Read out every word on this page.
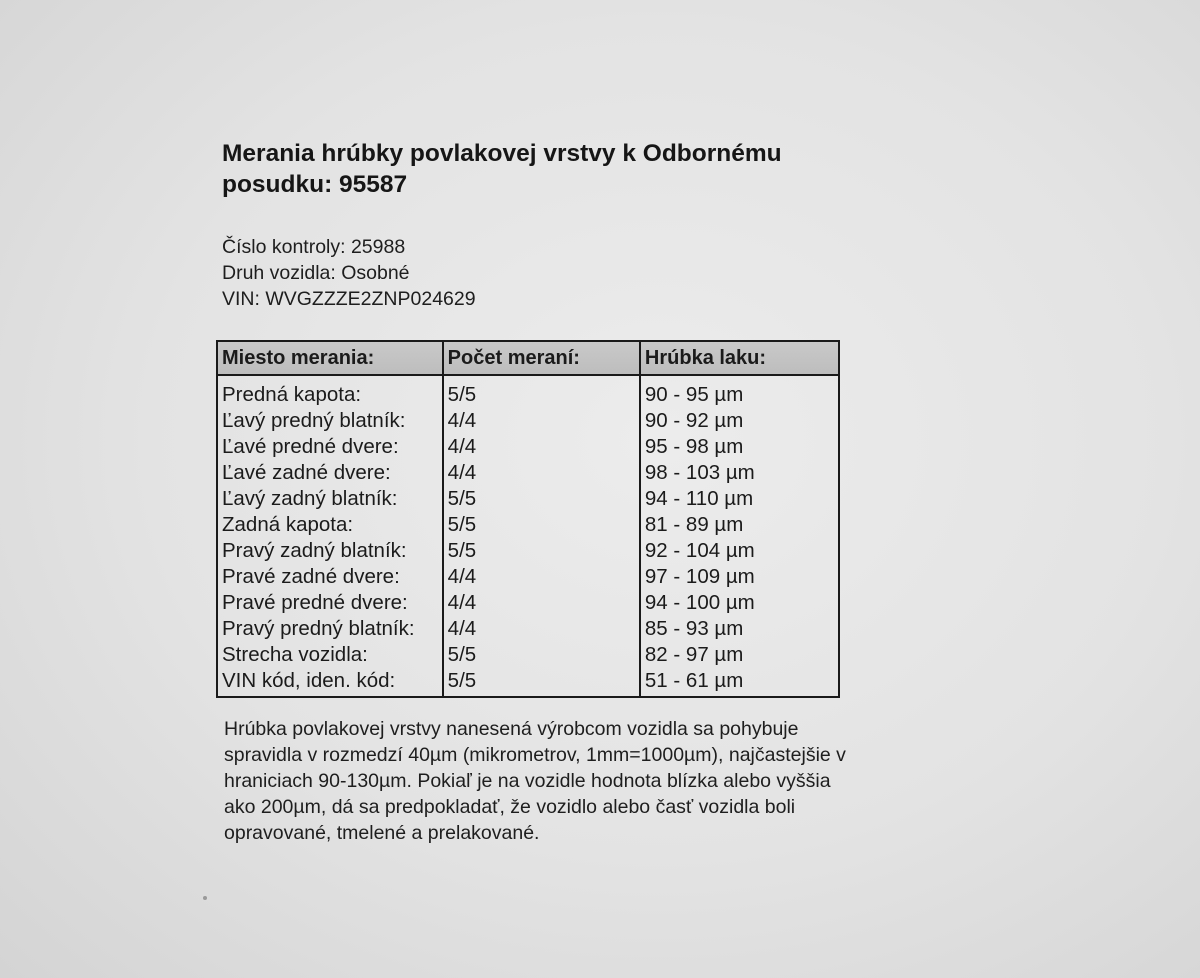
Merania hrúbky povlakovej vrstvy k Odbornému posudku: 95587
Číslo kontroly: 25988
Druh vozidla: Osobné
VIN: WVGZZZE2ZNP024629
Miesto merania:	Počet meraní:	Hrúbka laku:
Predná kapota:	5/5	90 - 95 µm
Ľavý predný blatník:	4/4	90 - 92 µm
Ľavé predné dvere:	4/4	95 - 98 µm
Ľavé zadné dvere:	4/4	98 - 103 µm
Ľavý zadný blatník:	5/5	94 - 110 µm
Zadná kapota:	5/5	81 - 89 µm
Pravý zadný blatník:	5/5	92 - 104 µm
Pravé zadné dvere:	4/4	97 - 109 µm
Pravé predné dvere:	4/4	94 - 100 µm
Pravý predný blatník:	4/4	85 - 93 µm
Strecha vozidla:	5/5	82 - 97 µm
VIN kód, iden. kód:	5/5	51 - 61 µm

Hrúbka povlakovej vrstvy nanesená výrobcom vozidla sa pohybuje spravidla v rozmedzí 40µm (mikrometrov, 1mm=1000µm), najčastejšie v hraniciach 90-130µm. Pokiaľ je na vozidle hodnota blízka alebo vyššia ako 200µm, dá sa predpokladať, že vozidlo alebo časť vozidla boli opravované, tmelené a prelakované.
